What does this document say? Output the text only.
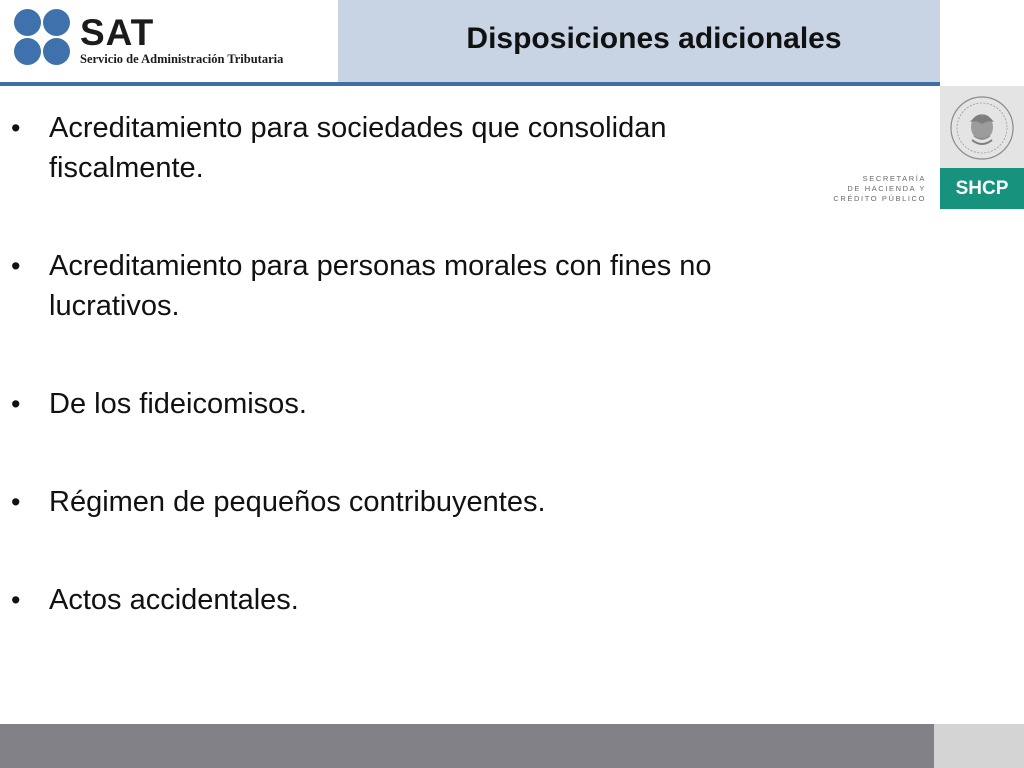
SAT
Servicio de Administración Tributaria
Disposiciones adicionales
SECRETARÍA
DE HACIENDA Y
CRÉDITO PÚBLICO	SHCP
• Acreditamiento para sociedades que consolidan fiscalmente.
• Acreditamiento para personas morales con fines no lucrativos.
• De los fideicomisos.
• Régimen de pequeños contribuyentes.
• Actos accidentales.
